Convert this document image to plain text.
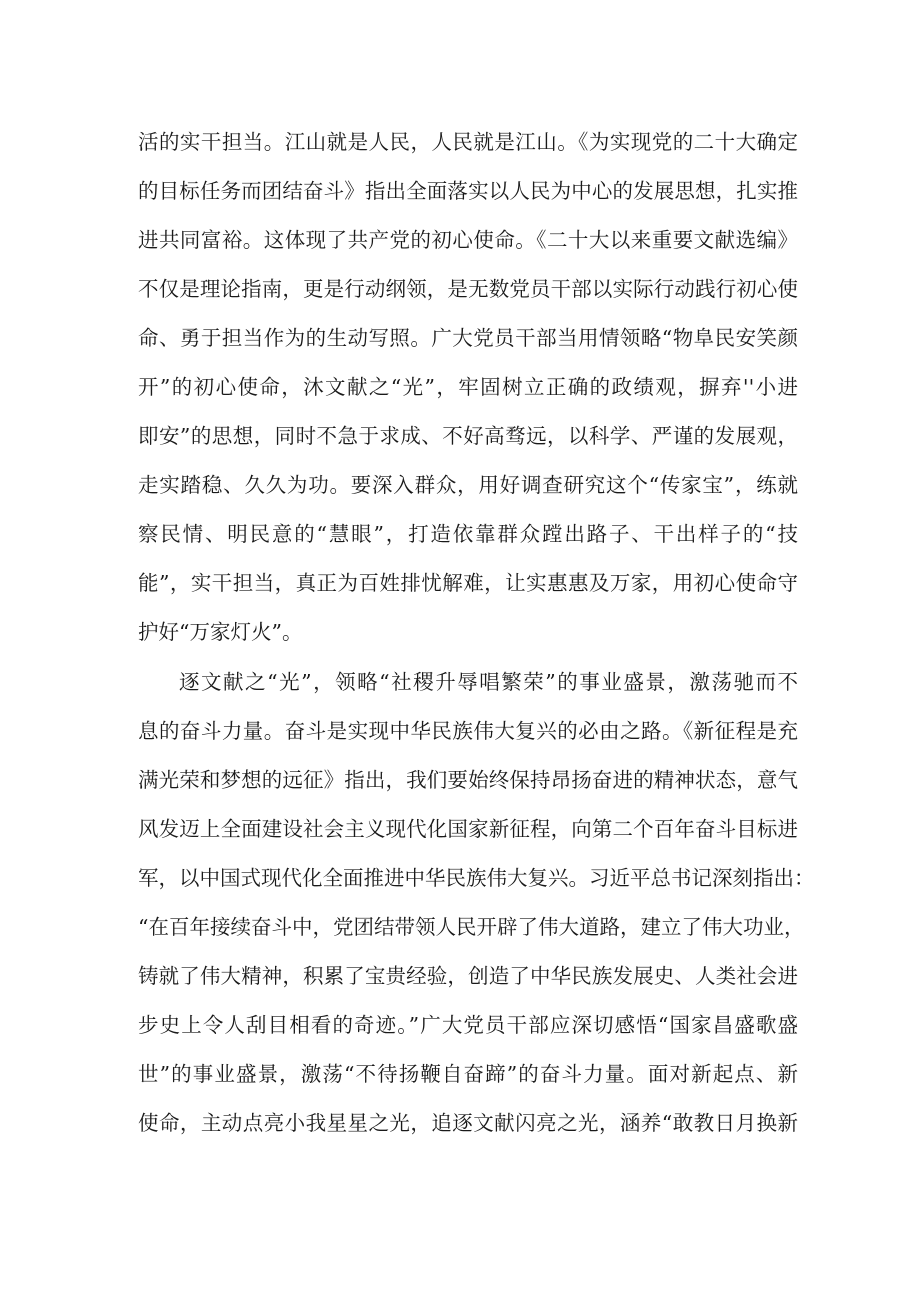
活的实干担当。江山就是人民，人民就是江山。《为实现党的二十大确定
的目标任务而团结奋斗》指出全面落实以人民为中心的发展思想，扎实推
进共同富裕。这体现了共产党的初心使命。《二十大以来重要文献选编》
不仅是理论指南，更是行动纲领，是无数党员干部以实际行动践行初心使
命、勇于担当作为的生动写照。广大党员干部当用情领略“物阜民安笑颜
开”的初心使命，沐文献之“光”，牢固树立正确的政绩观，摒弃''小进
即安”的思想，同时不急于求成、不好高骛远，以科学、严谨的发展观，
走实踏稳、久久为功。要深入群众，用好调查研究这个“传家宝”，练就
察民情、明民意的“慧眼”，打造依靠群众蹚出路子、干出样子的“技
能”，实干担当，真正为百姓排忧解难，让实惠惠及万家，用初心使命守
护好“万家灯火”。
逐文献之“光”，领略“社稷升辱唱繁荣”的事业盛景，激荡驰而不
息的奋斗力量。奋斗是实现中华民族伟大复兴的必由之路。《新征程是充
满光荣和梦想的远征》指出，我们要始终保持昂扬奋进的精神状态，意气
风发迈上全面建设社会主义现代化国家新征程，向第二个百年奋斗目标进
军，以中国式现代化全面推进中华民族伟大复兴。习近平总书记深刻指出：
“在百年接续奋斗中，党团结带领人民开辟了伟大道路，建立了伟大功业，
铸就了伟大精神，积累了宝贵经验，创造了中华民族发展史、人类社会进
步史上令人刮目相看的奇迹。”广大党员干部应深切感悟“国家昌盛歌盛
世”的事业盛景，激荡“不待扬鞭自奋蹄”的奋斗力量。面对新起点、新
使命，主动点亮小我星星之光，追逐文献闪亮之光，涵养“敢教日月换新
